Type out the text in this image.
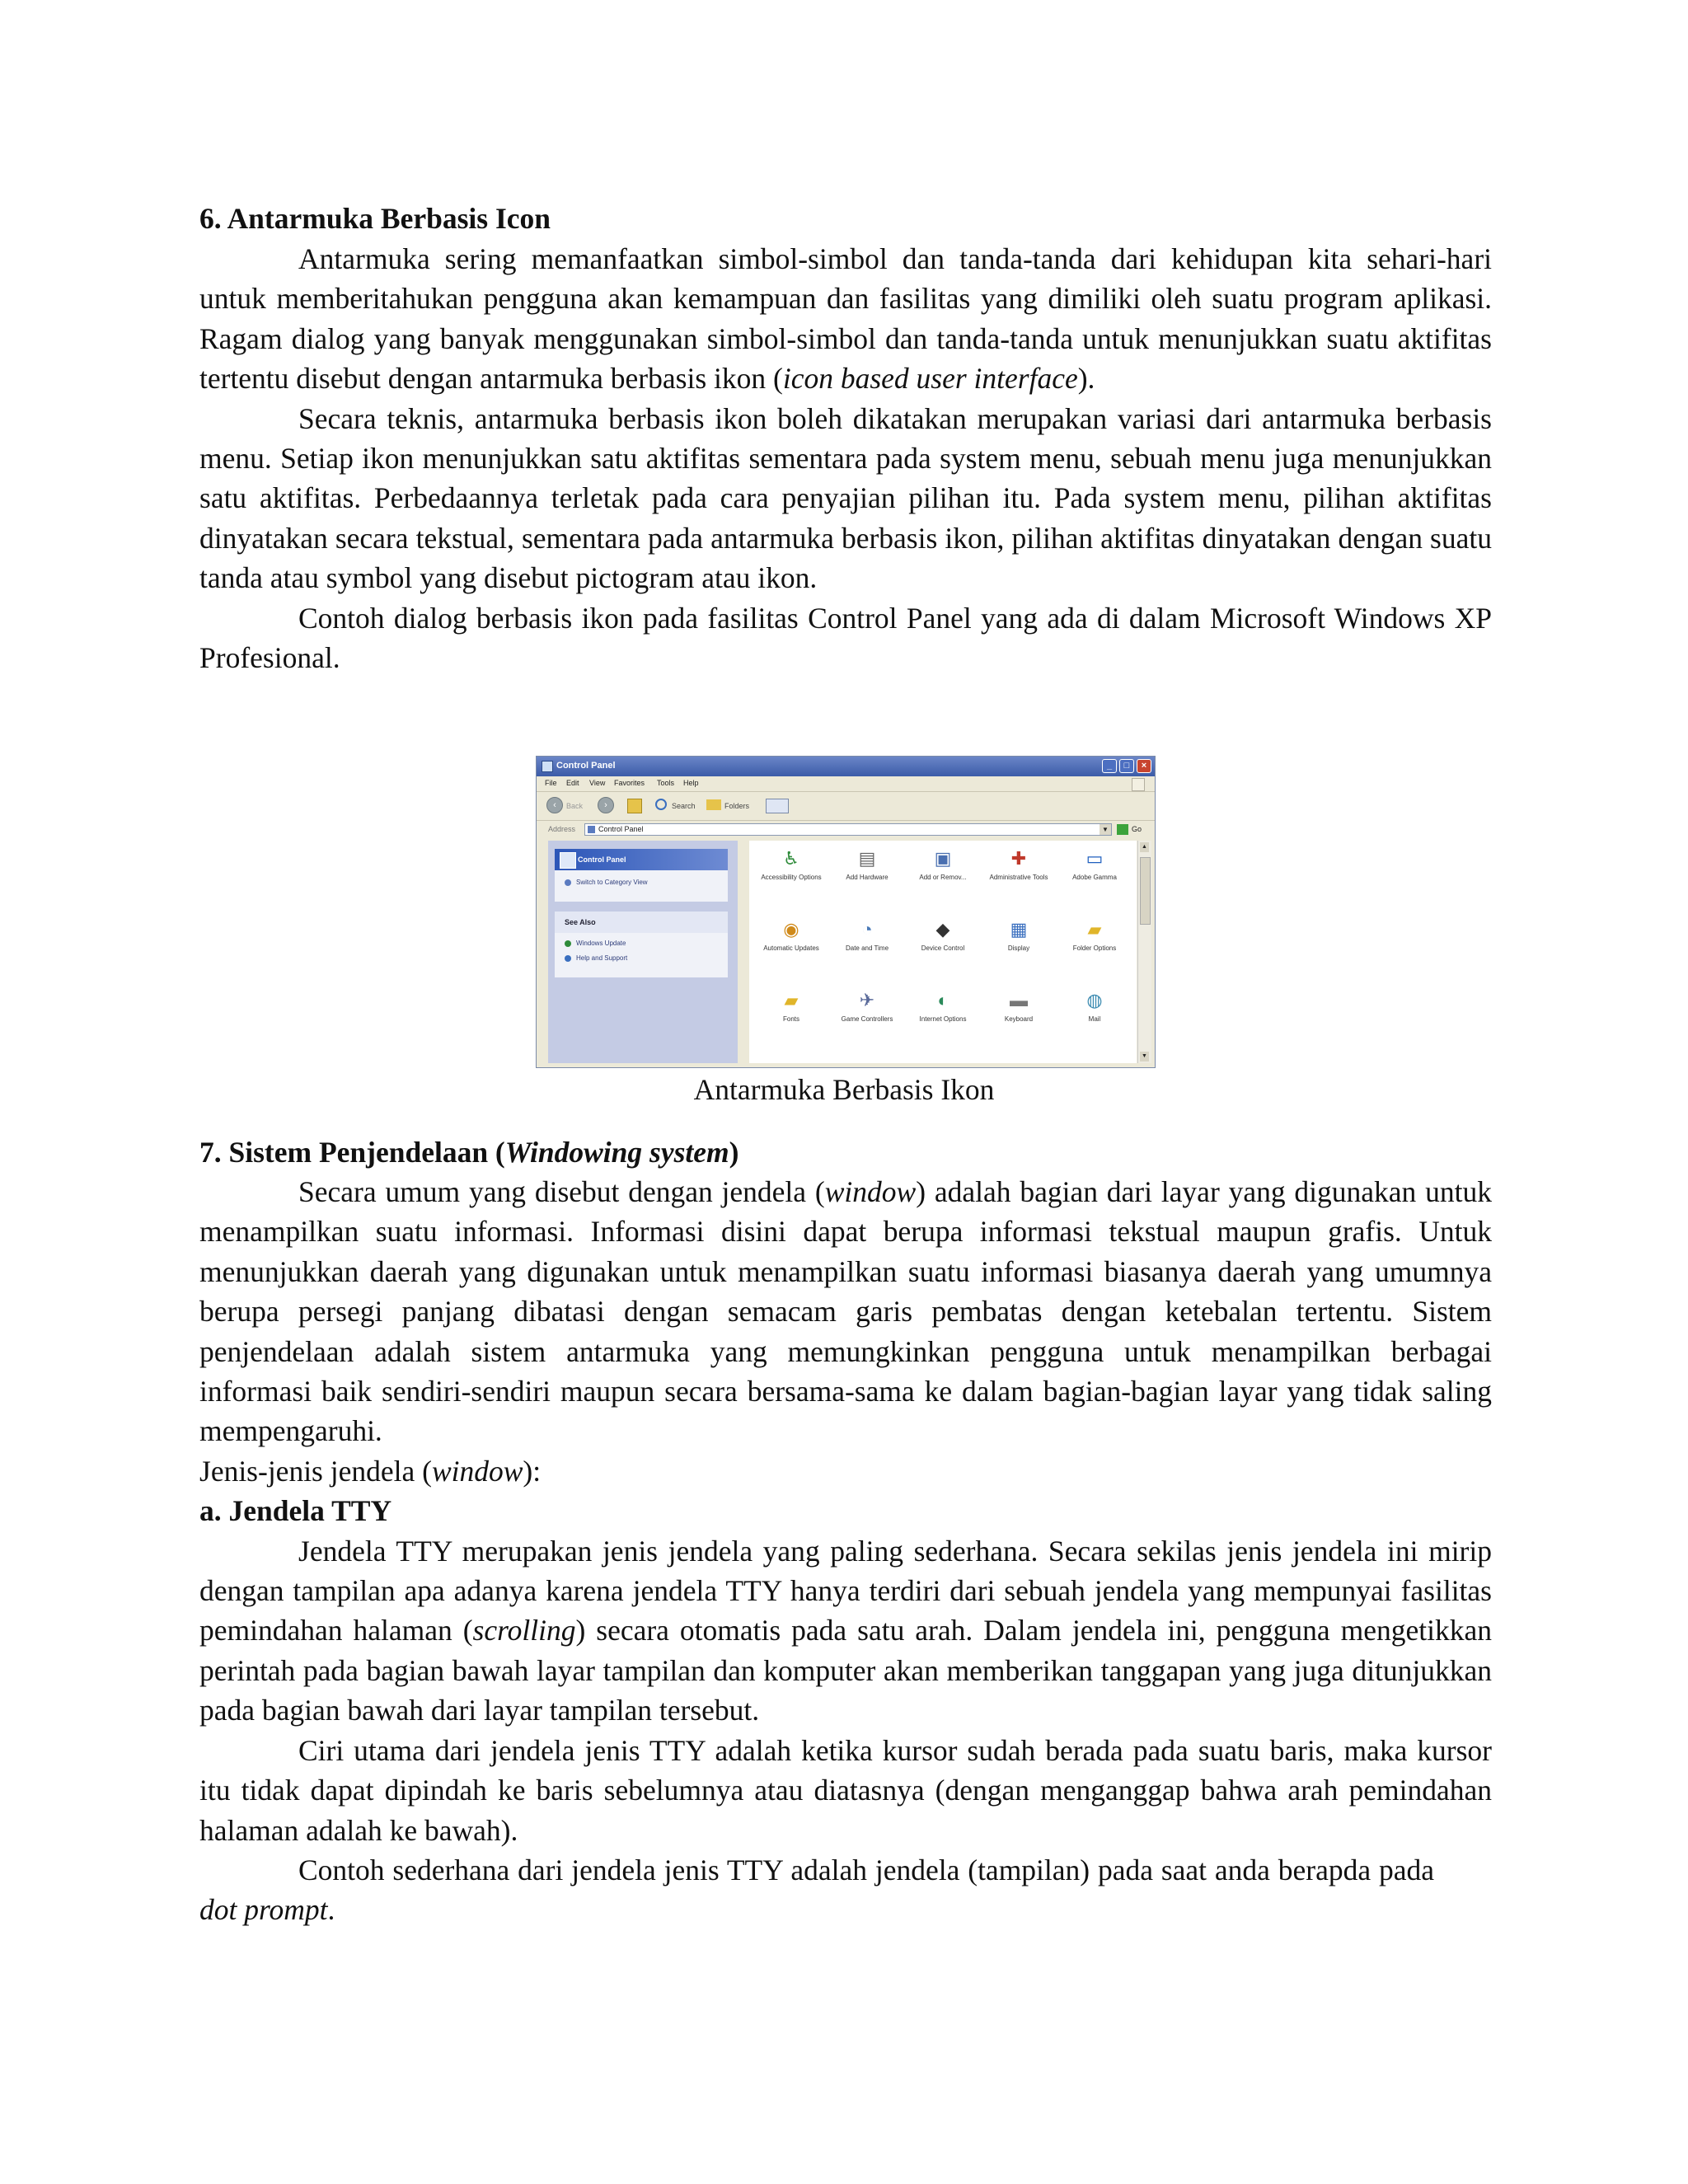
6. Antarmuka Berbasis Icon

Antarmuka sering memanfaatkan simbol-simbol dan tanda-tanda dari kehidupan kita sehari-hari untuk memberitahukan pengguna akan kemampuan dan fasilitas yang dimiliki oleh suatu program aplikasi. Ragam dialog yang banyak menggunakan simbol-simbol dan tanda-tanda untuk menunjukkan suatu aktifitas tertentu disebut dengan antarmuka berbasis ikon (icon based user interface).

Secara teknis, antarmuka berbasis ikon boleh dikatakan merupakan variasi dari antarmuka berbasis menu. Setiap ikon menunjukkan satu aktifitas sementara pada system menu, sebuah menu juga menunjukkan satu aktifitas. Perbedaannya terletak pada cara penyajian pilihan itu. Pada system menu, pilihan aktifitas dinyatakan secara tekstual, sementara pada antarmuka berbasis ikon, pilihan aktifitas dinyatakan dengan suatu tanda atau symbol yang disebut pictogram atau ikon.

Contoh dialog berbasis ikon pada fasilitas Control Panel yang ada di dalam Microsoft Windows XP Profesional.

Control Panel	_	□	×
File Edit View Favorites Tools Help
‹	Back	›	Search	Folders
Address	Control Panel	▼	Go
Control Panel
Switch to Category View
See Also
Windows Update
Help and Support
♿
Accessibility Options
▤
Add Hardware
▣
Add or Remov...
✚
Administrative Tools
▭
Adobe Gamma
◉
Automatic Updates
◔
Date and Time
◆
Device Control
▦
Display
▰
Folder Options
▰
Fonts
✈
Game Controllers
◐
Internet Options
▬
Keyboard
◍
Mail
▲
▼
Antarmuka Berbasis Ikon
7. Sistem Penjendelaan (Windowing system)

Secara umum yang disebut dengan jendela (window) adalah bagian dari layar yang digunakan untuk menampilkan suatu informasi. Informasi disini dapat berupa informasi tekstual maupun grafis. Untuk menunjukkan daerah yang digunakan untuk menampilkan suatu informasi biasanya daerah yang umumnya berupa persegi panjang dibatasi dengan semacam garis pembatas dengan ketebalan tertentu. Sistem penjendelaan adalah sistem antarmuka yang memungkinkan pengguna untuk menampilkan berbagai informasi baik sendiri-sendiri maupun secara bersama-sama ke dalam bagian-bagian layar yang tidak saling mempengaruhi.

Jenis-jenis jendela (window):

a. Jendela TTY

Jendela TTY merupakan jenis jendela yang paling sederhana. Secara sekilas jenis jendela ini mirip dengan tampilan apa adanya karena jendela TTY hanya terdiri dari sebuah jendela yang mempunyai fasilitas pemindahan halaman (scrolling) secara otomatis pada satu arah. Dalam jendela ini, pengguna mengetikkan perintah pada bagian bawah layar tampilan dan komputer akan memberikan tanggapan yang juga ditunjukkan pada bagian bawah dari layar tampilan tersebut.

Ciri utama dari jendela jenis TTY adalah ketika kursor sudah berada pada suatu baris, maka kursor itu tidak dapat dipindah ke baris sebelumnya atau diatasnya (dengan menganggap bahwa arah pemindahan halaman adalah ke bawah).

Contoh sederhana dari jendela jenis TTY adalah jendela (tampilan) pada saat anda berapda pada dot prompt.
